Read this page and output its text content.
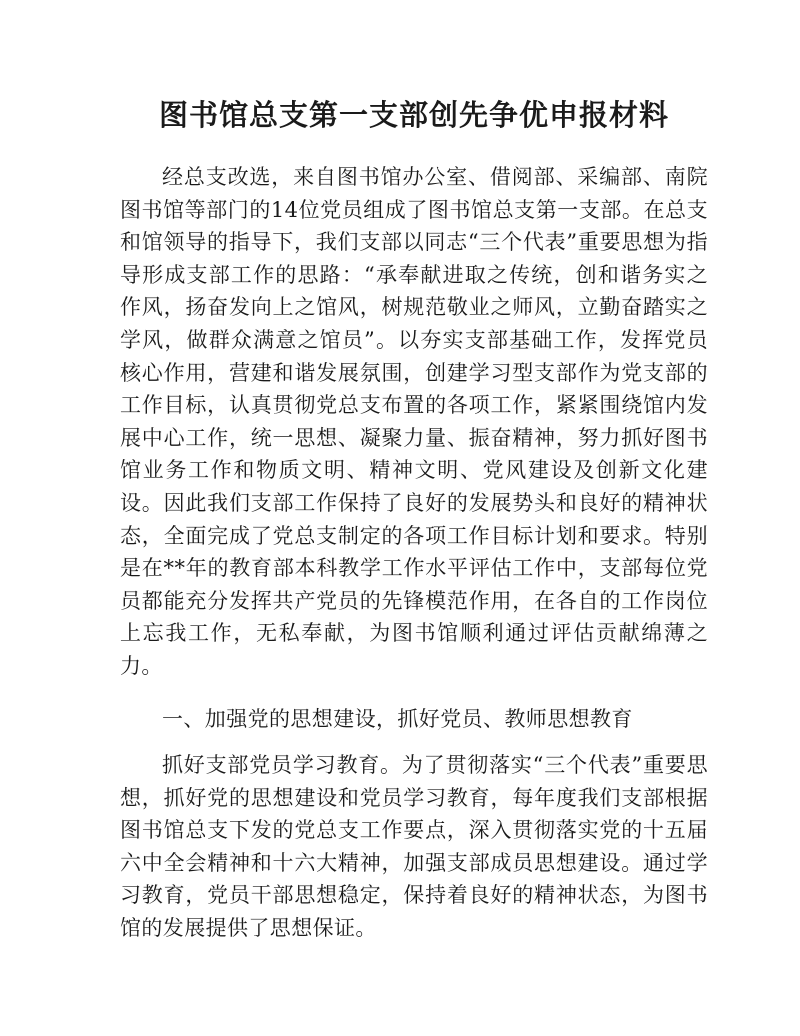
图书馆总支第一支部创先争优申报材料

经总支改选，来自图书馆办公室、借阅部、采编部、南院图书馆等部门的14位党员组成了图书馆总支第一支部。在总支和馆领导的指导下，我们支部以同志“三个代表”重要思想为指导形成支部工作的思路：“承奉献进取之传统，创和谐务实之作风，扬奋发向上之馆风，树规范敬业之师风，立勤奋踏实之学风，做群众满意之馆员”。以夯实支部基础工作，发挥党员核心作用，营建和谐发展氛围，创建学习型支部作为党支部的工作目标，认真贯彻党总支布置的各项工作，紧紧围绕馆内发展中心工作，统一思想、凝聚力量、振奋精神，努力抓好图书馆业务工作和物质文明、精神文明、党风建设及创新文化建设。因此我们支部工作保持了良好的发展势头和良好的精神状态，全面完成了党总支制定的各项工作目标计划和要求。特别是在**年的教育部本科教学工作水平评估工作中，支部每位党员都能充分发挥共产党员的先锋模范作用，在各自的工作岗位上忘我工作，无私奉献，为图书馆顺利通过评估贡献绵薄之力。

一、加强党的思想建设，抓好党员、教师思想教育

抓好支部党员学习教育。为了贯彻落实“三个代表”重要思想，抓好党的思想建设和党员学习教育，每年度我们支部根据图书馆总支下发的党总支工作要点，深入贯彻落实党的十五届六中全会精神和十六大精神，加强支部成员思想建设。通过学习教育，党员干部思想稳定，保持着良好的精神状态，为图书馆的发展提供了思想保证。
